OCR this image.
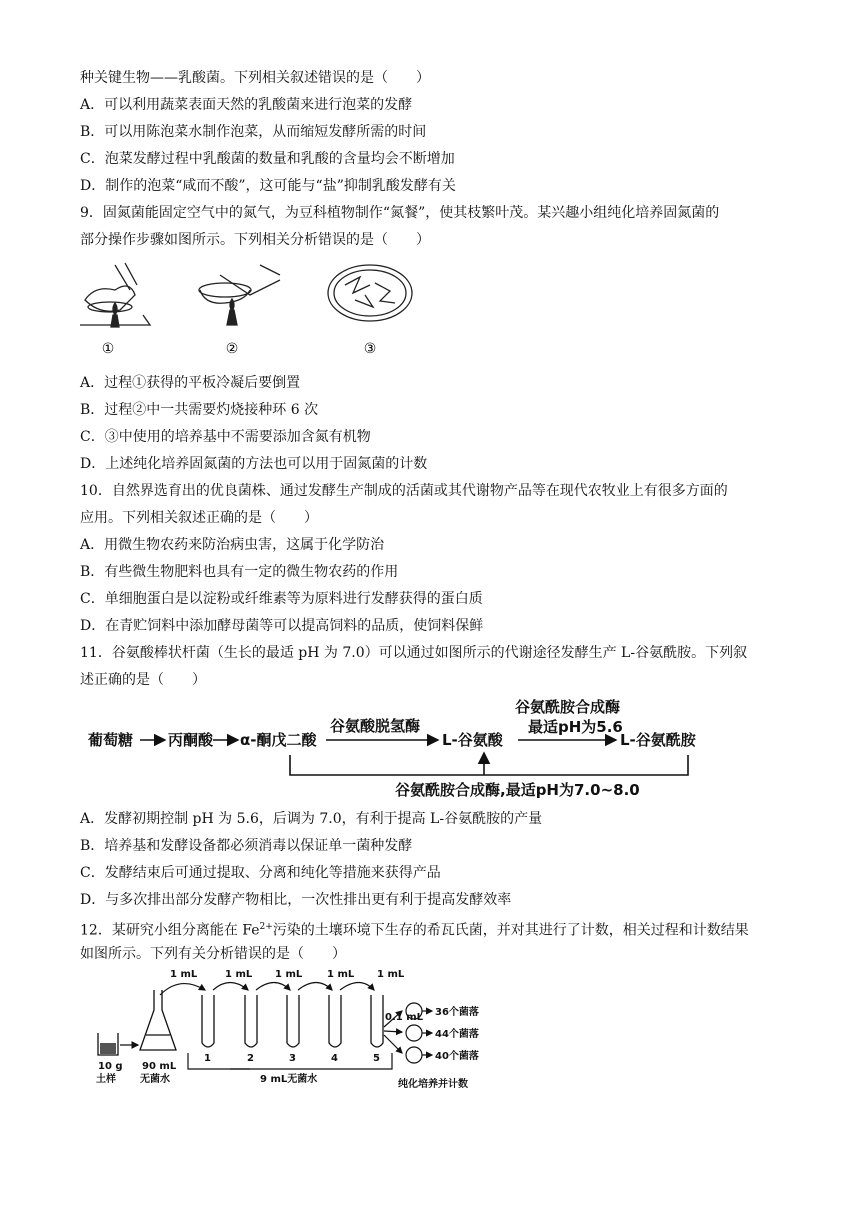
种关键生物——乳酸菌。下列相关叙述错误的是（　　）
A．可以利用蔬菜表面天然的乳酸菌来进行泡菜的发酵
B．可以用陈泡菜水制作泡菜，从而缩短发酵所需的时间
C．泡菜发酵过程中乳酸菌的数量和乳酸的含量均会不断增加
D．制作的泡菜“咸而不酸”，这可能与“盐”抑制乳酸发酵有关
9．固氮菌能固定空气中的氮气，为豆科植物制作“氮餐”，使其枝繁叶茂。某兴趣小组纯化培养固氮菌的
部分操作步骤如图所示。下列相关分析错误的是（　　）
①	②	③
A．过程①获得的平板冷凝后要倒置
B．过程②中一共需要灼烧接种环 6 次
C．③中使用的培养基中不需要添加含氮有机物
D．上述纯化培养固氮菌的方法也可以用于固氮菌的计数
10．自然界选育出的优良菌株、通过发酵生产制成的活菌或其代谢物产品等在现代农牧业上有很多方面的
应用。下列相关叙述正确的是（　　）
A．用微生物农药来防治病虫害，这属于化学防治
B．有些微生物肥料也具有一定的微生物农药的作用
C．单细胞蛋白是以淀粉或纤维素等为原料进行发酵获得的蛋白质
D．在青贮饲料中添加酵母菌等可以提高饲料的品质，使饲料保鲜
11．谷氨酸棒状杆菌（生长的最适 pH 为 7.0）可以通过如图所示的代谢途径发酵生产 L-谷氨酰胺。下列叙
述正确的是（　　）
葡萄糖 丙酮酸 α-酮戊二酸	L-谷氨酸	L-谷氨酰胺
谷氨酸脱氢酶
谷氨酰胺合成酶
最适pH为5.6
谷氨酰胺合成酶,最适pH为7.0~8.0
A．发酵初期控制 pH 为 5.6，后调为 7.0，有利于提高 L-谷氨酰胺的产量
B．培养基和发酵设备都必须消毒以保证单一菌种发酵
C．发酵结束后可通过提取、分离和纯化等措施来获得产品
D．与多次排出部分发酵产物相比，一次性排出更有利于提高发酵效率
12．某研究小组分离能在 $Fe^{2+}$污染的土壤环境下生存的希瓦氏菌，并对其进行了计数，相关过程和计数结果
如图所示。下列有关分析错误的是（　　）
1 mL	1 mL 1 mL 1 mL 1 mL
1	2	3	4	5
10 g
土样
90 mL
无菌水	9 mL无菌水
0.1 mL 36个菌落
44个菌落
40个菌落
纯化培养并计数
